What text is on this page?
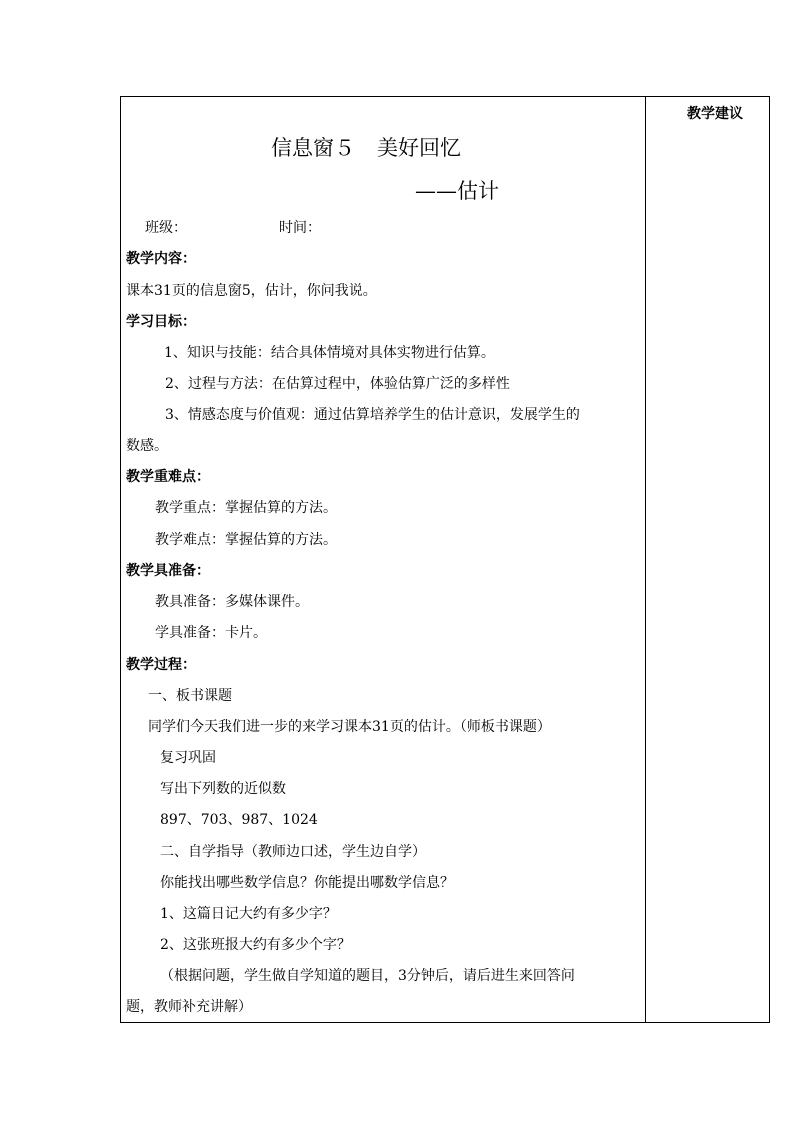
教学建议
信息窗５ 美好回忆
——估计
班级：	时间：
教学内容：
课本31页的信息窗5，估计，你问我说。
学习目标：
1、知识与技能：结合具体情境对具体实物进行估算。
2、过程与方法：在估算过程中，体验估算广泛的多样性
3、情感态度与价值观：通过估算培养学生的估计意识，发展学生的
数感。
教学重难点：
教学重点：掌握估算的方法。
教学难点：掌握估算的方法。
教学具准备：
教具准备：多媒体课件。
学具准备：卡片。
教学过程：
一、板书课题
同学们今天我们进一步的来学习课本31页的估计。（师板书课题）
复习巩固
写出下列数的近似数
897、703、987、1024
二、自学指导（教师边口述，学生边自学）
你能找出哪些数学信息？你能提出哪数学信息？
1、这篇日记大约有多少字？
2、这张班报大约有多少个字？
（根据问题，学生做自学知道的题目，3分钟后，请后进生来回答问
题，教师补充讲解）
